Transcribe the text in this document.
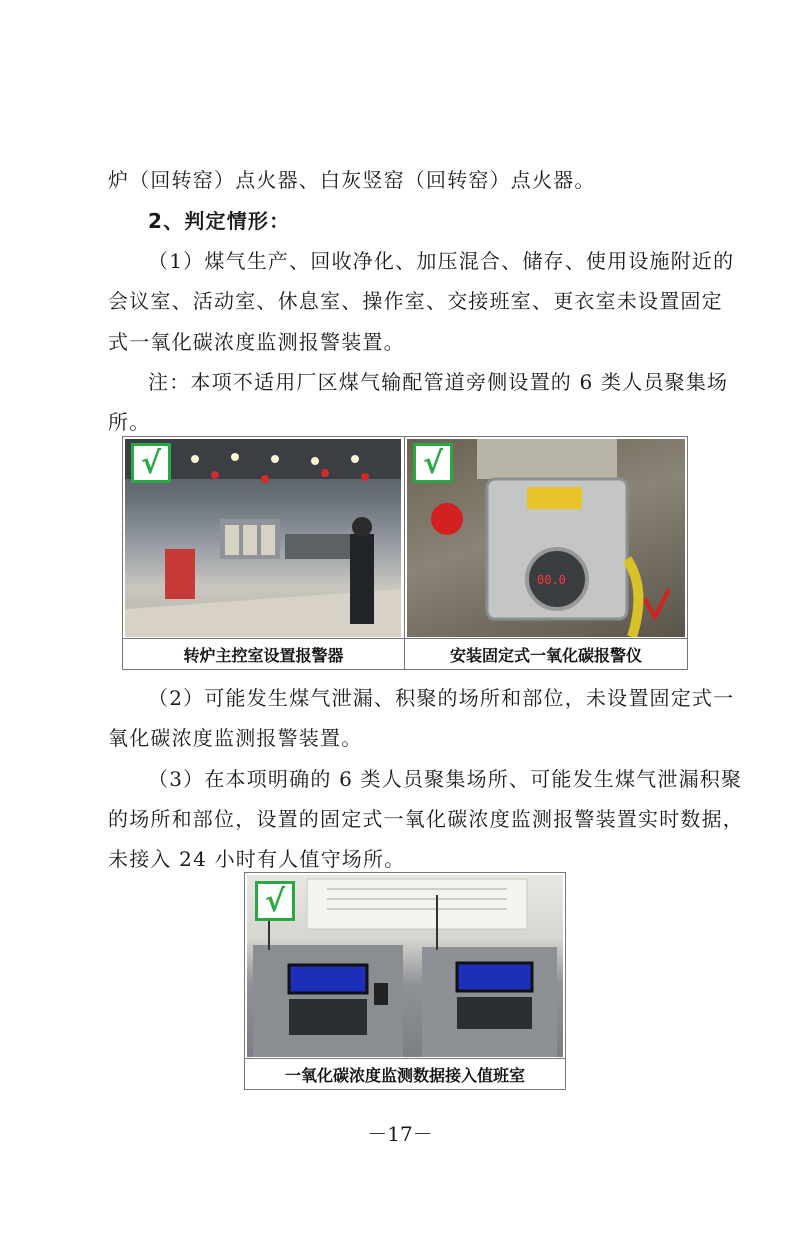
炉（回转窑）点火器、白灰竖窑（回转窑）点火器。
2、判定情形：
（1）煤气生产、回收净化、加压混合、储存、使用设施附近的
会议室、活动室、休息室、操作室、交接班室、更衣室未设置固定
式一氧化碳浓度监测报警装置。
注：本项不适用厂区煤气输配管道旁侧设置的 6 类人员聚集场
所。
√
00.0
√
转炉主控室设置报警器	安装固定式一氧化碳报警仪
（2）可能发生煤气泄漏、积聚的场所和部位，未设置固定式一
氧化碳浓度监测报警装置。
（3）在本项明确的 6 类人员聚集场所、可能发生煤气泄漏积聚
的场所和部位，设置的固定式一氧化碳浓度监测报警装置实时数据，
未接入 24 小时有人值守场所。
√
一氧化碳浓度监测数据接入值班室
－17－
